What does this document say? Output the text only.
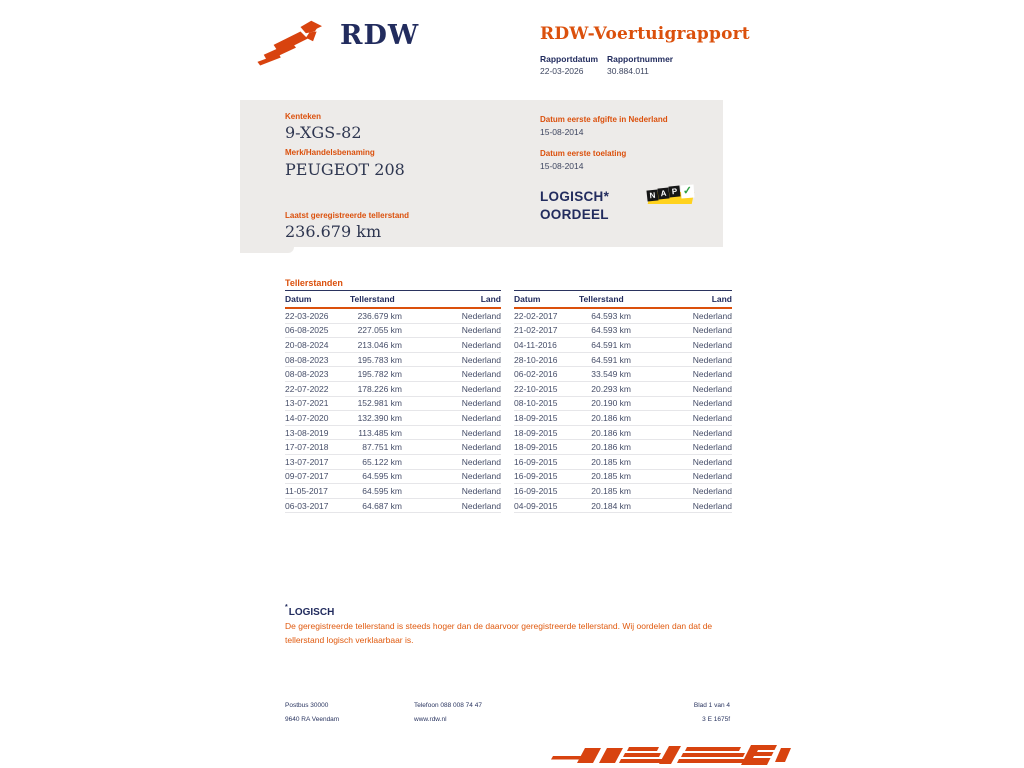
RDW	RDW-Voertuigrapport
Rapportdatum Rapportnummer
22-03-2026	30.884.011
Kenteken
9-XGS-82
Merk/Handelsbenaming
PEUGEOT 208
Laatst geregistreerde tellerstand
236.679 km
Datum eerste afgifte in Nederland
15-08-2014
Datum eerste toelating
15-08-2014
LOGISCH*
OORDEEL
N A P ✓
Tellerstanden
Datum	Tellerstand	Land
22-03-2026	236.679 km	Nederland
06-08-2025	227.055 km	Nederland
20-08-2024	213.046 km	Nederland
08-08-2023	195.783 km	Nederland
08-08-2023	195.782 km	Nederland
22-07-2022	178.226 km	Nederland
13-07-2021	152.981 km	Nederland
14-07-2020	132.390 km	Nederland
13-08-2019	113.485 km	Nederland
17-07-2018	87.751 km	Nederland
13-07-2017	65.122 km	Nederland
09-07-2017	64.595 km	Nederland
11-05-2017	64.595 km	Nederland
06-03-2017	64.687 km	Nederland
Datum	Tellerstand	Land
22-02-2017	64.593 km	Nederland
21-02-2017	64.593 km	Nederland
04-11-2016	64.591 km	Nederland
28-10-2016	64.591 km	Nederland
06-02-2016	33.549 km	Nederland
22-10-2015	20.293 km	Nederland
08-10-2015	20.190 km	Nederland
18-09-2015	20.186 km	Nederland
18-09-2015	20.186 km	Nederland
18-09-2015	20.186 km	Nederland
16-09-2015	20.185 km	Nederland
16-09-2015	20.185 km	Nederland
16-09-2015	20.185 km	Nederland
04-09-2015	20.184 km	Nederland
*LOGISCH
De geregistreerde tellerstand is steeds hoger dan de daarvoor geregistreerde tellerstand. Wij oordelen dan dat de tellerstand logisch verklaarbaar is.
Postbus 30000
9640 RA Veendam
Telefoon 088 008 74 47
www.rdw.nl
Blad 1 van 4
3 E 1675f
